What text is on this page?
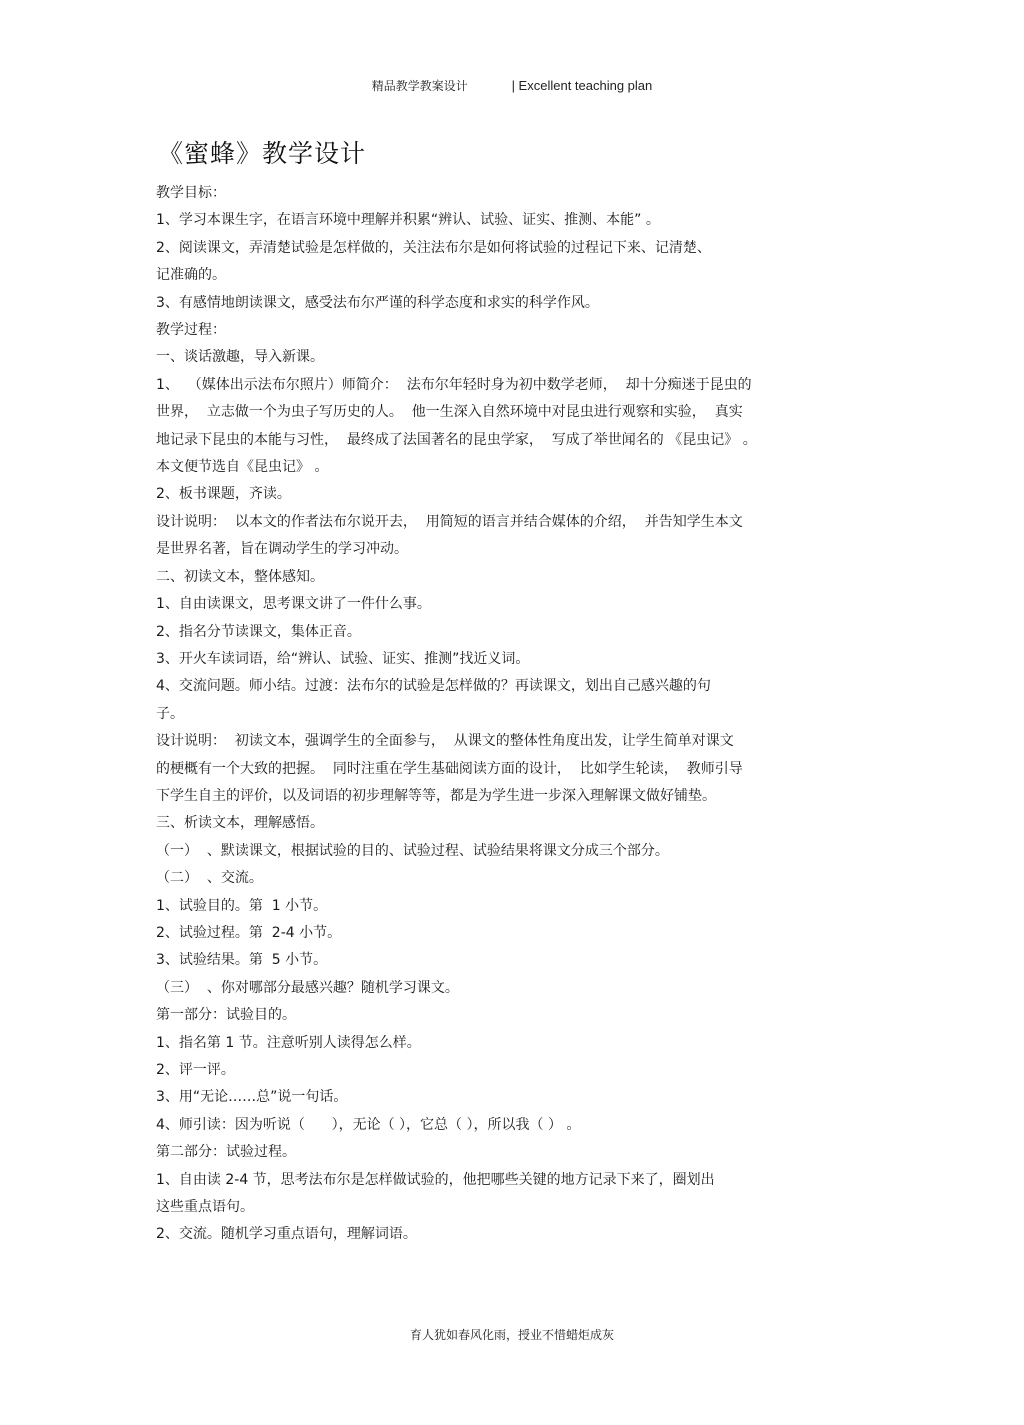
精品教学教案设计	| Excellent teaching plan
《蜜蜂》教学设计

教学目标：

1、学习本课生字，在语言环境中理解并积累“辨认、试验、证实、推测、本能” 。

2、阅读课文，弄清楚试验是怎样做的，关注法布尔是如何将试验的过程记下来、记清楚、

记准确的。

3、有感情地朗读课文，感受法布尔严谨的科学态度和求实的科学作风。

教学过程：

一、谈话激趣，导入新课。

1、  （媒体出示法布尔照片）师简介：  法布尔年轻时身为初中数学老师，  却十分痴迷于昆虫的

世界，  立志做一个为虫子写历史的人。  他一生深入自然环境中对昆虫进行观察和实验，  真实

地记录下昆虫的本能与习性，  最终成了法国著名的昆虫学家，  写成了举世闻名的 《昆虫记》 。

本文便节选自《昆虫记》 。

2、板书课题，齐读。

设计说明：  以本文的作者法布尔说开去，  用简短的语言并结合媒体的介绍，  并告知学生本文

是世界名著，旨在调动学生的学习冲动。

二、初读文本，整体感知。

1、自由读课文，思考课文讲了一件什么事。

2、指名分节读课文，集体正音。

3、开火车读词语，给“辨认、试验、证实、推测”找近义词。

4、交流问题。师小结。过渡：法布尔的试验是怎样做的？再读课文，划出自己感兴趣的句

子。

设计说明：  初读文本，强调学生的全面参与，  从课文的整体性角度出发，让学生简单对课文

的梗概有一个大致的把握。  同时注重在学生基础阅读方面的设计，  比如学生轮读，  教师引导

下学生自主的评价，以及词语的初步理解等等，都是为学生进一步深入理解课文做好铺垫。

三、析读文本，理解感悟。

（一）  、默读课文，根据试验的目的、试验过程、试验结果将课文分成三个部分。

（二）  、交流。

1、试验目的。第  1 小节。

2、试验过程。第  2-4 小节。

3、试验结果。第  5 小节。

（三）  、你对哪部分最感兴趣？随机学习课文。

第一部分：试验目的。

1、指名第 1 节。注意听别人读得怎么样。

2、评一评。

3、用“无论……总”说一句话。

4、师引读：因为听说（      ），无论（ ），它总（ ），所以我（ ） 。

第二部分：试验过程。

1、自由读 2-4 节，思考法布尔是怎样做试验的，他把哪些关键的地方记录下来了，圈划出

这些重点语句。

2、交流。随机学习重点语句，理解词语。

育人犹如春风化雨，授业不惜蜡炬成灰
